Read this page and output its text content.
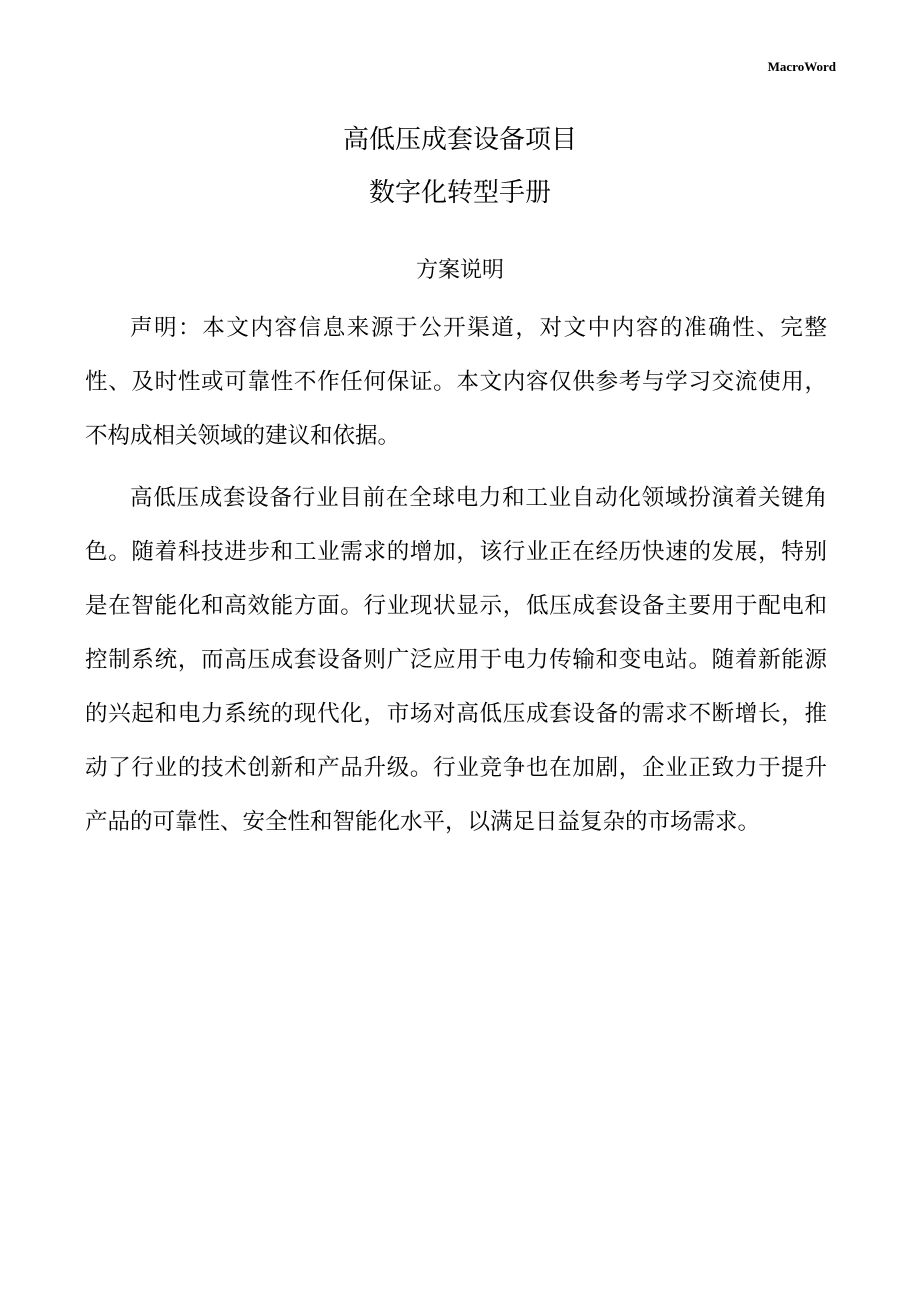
MacroWord
高低压成套设备项目
数字化转型手册
方案说明

声明：本文内容信息来源于公开渠道，对文中内容的准确性、完整性、及时性或可靠性不作任何保证。本文内容仅供参考与学习交流使用，不构成相关领域的建议和依据。

高低压成套设备行业目前在全球电力和工业自动化领域扮演着关键角色。随着科技进步和工业需求的增加，该行业正在经历快速的发展，特别是在智能化和高效能方面。行业现状显示，低压成套设备主要用于配电和控制系统，而高压成套设备则广泛应用于电力传输和变电站。随着新能源的兴起和电力系统的现代化，市场对高低压成套设备的需求不断增长，推动了行业的技术创新和产品升级。行业竞争也在加剧，企业正致力于提升产品的可靠性、安全性和智能化水平，以满足日益复杂的市场需求。
